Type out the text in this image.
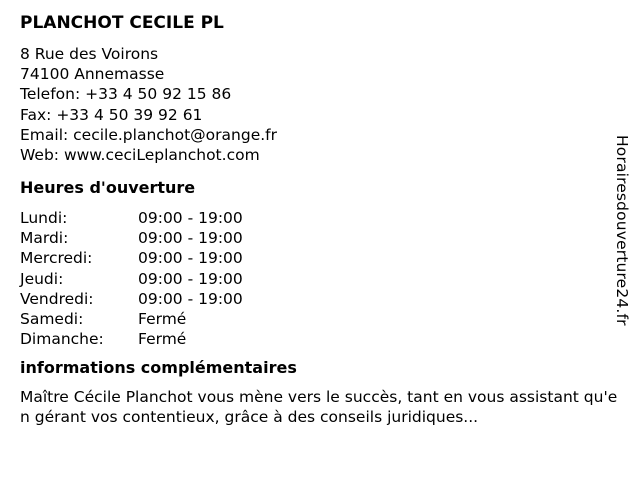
PLANCHOT CECILE PL
8 Rue des Voirons
74100 Annemasse
Telefon: +33 4 50 92 15 86
Fax: +33 4 50 39 92 61
Email: cecile.planchot@orange.fr
Web: www.ceciLeplanchot.com
Heures d'ouverture
Lundi:	09:00 - 19:00
Mardi:	09:00 - 19:00
Mercredi:	09:00 - 19:00
Jeudi:	09:00 - 19:00
Vendredi:	09:00 - 19:00
Samedi:	Fermé
Dimanche:	Fermé
informations complémentaires
Maître Cécile Planchot vous mène vers le succès, tant en vous assistant qu'en gérant vos contentieux, grâce à des conseils juridiques...
Horairesdouverture24.fr
